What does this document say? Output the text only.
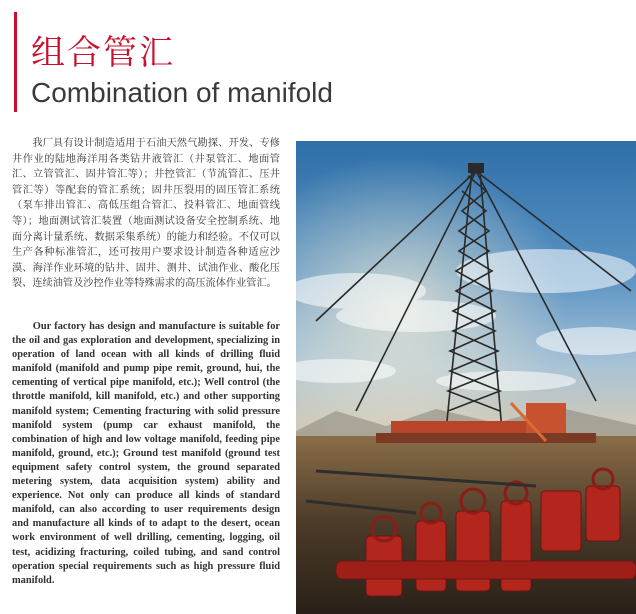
组合管汇
Combination of manifold

我厂具有设计制造适用于石油天然气勘探、开发、专修井作业的陆地海洋用各类钻井液管汇（井泵管汇、地面管汇、立管管汇、固井管汇等）；井控管汇（节流管汇、压井管汇等）等配套的管汇系统；固井压裂用的固压管汇系统（泵车排出管汇、高低压组合管汇、投料管汇、地面管线等）；地面测试管汇装置（地面测试设备安全控制系统、地面分离计量系统、数据采集系统）的能力和经验。不仅可以生产各种标准管汇，还可按用户要求设计制造各种适应沙漠、海洋作业环境的钻井、固井、测井、试油作业、酸化压裂、连续油管及沙控作业等特殊需求的高压流体作业管汇。

Our factory has design and manufacture is suitable for the oil and gas exploration and development, specializing in operation of land ocean with all kinds of drilling fluid manifold (manifold and pump pipe remit, ground, hui, the cementing of vertical pipe manifold, etc.); Well control (the throttle manifold, kill manifold, etc.) and other supporting manifold system; Cementing fracturing with solid pressure manifold system (pump car exhaust manifold, the combination of high and low voltage manifold, feeding pipe manifold, ground, etc.); Ground test manifold (ground test equipment safety control system, the ground separated metering system, data acquisition system) ability and experience. Not only can produce all kinds of standard manifold, can also according to user requirements design and manufacture all kinds of to adapt to the desert, ocean work environment of well drilling, cementing, logging, oil test, acidizing fracturing, coiled tubing, and sand control operation special requirements such as high pressure fluid manifold.
